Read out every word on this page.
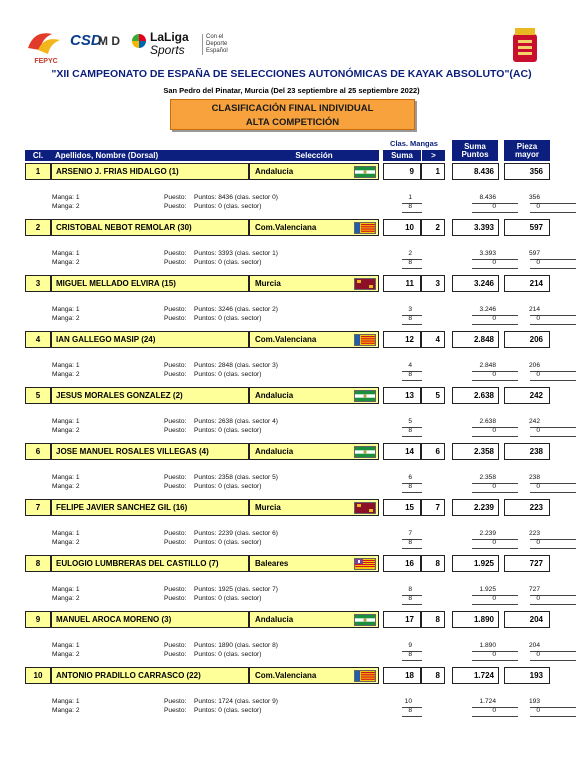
FEPYC
CSD
M D	LaLiga
Sports
Con el
Deporte
Español
"XII CAMPEONATO DE ESPAÑA DE SELECCIONES AUTONÓMICAS DE KAYAK ABSOLUTO"(AC)
San Pedro del Pinatar, Murcia (Del 23 septiembre al 25 septiembre 2022)
CLASIFICACIÓN FINAL INDIVIDUAL
ALTA COMPETICIÓN
Clas. Mangas
Cl.	Apellidos, Nombre (Dorsal)	Selección	Suma	>
Suma Puntos
Pieza mayor
1 ARSENIO J. FRIAS HIDALGO (1)	Andalucia	9	1	8.436	356
Manga: 1	Puesto: Puntos: 8436 (clas. sector 0)	1	8.436	356
Manga: 2	Puesto: Puntos: 0 (clas. sector)	8	0	0
2 CRISTOBAL NEBOT REMOLAR (30)	Com.Valenciana	10	2	3.393	597
Manga: 1	Puesto: Puntos: 3393 (clas. sector 1)	2	3.393	597
Manga: 2	Puesto: Puntos: 0 (clas. sector)	8	0	0
3 MIGUEL MELLADO ELVIRA (15)	Murcia	11	3	3.246	214
Manga: 1	Puesto: Puntos: 3246 (clas. sector 2)	3	3.246	214
Manga: 2	Puesto: Puntos: 0 (clas. sector)	8	0	0
4 IAN GALLEGO MASIP (24)	Com.Valenciana	12	4	2.848	206
Manga: 1	Puesto: Puntos: 2848 (clas. sector 3)	4	2.848	206
Manga: 2	Puesto: Puntos: 0 (clas. sector)	8	0	0
5 JESUS MORALES GONZALEZ (2)	Andalucia	13	5	2.638	242
Manga: 1	Puesto: Puntos: 2638 (clas. sector 4)	5	2.638	242
Manga: 2	Puesto: Puntos: 0 (clas. sector)	8	0	0
6 JOSE MANUEL ROSALES VILLEGAS (4)	Andalucia	14	6	2.358	238
Manga: 1	Puesto: Puntos: 2358 (clas. sector 5)	6	2.358	238
Manga: 2	Puesto: Puntos: 0 (clas. sector)	8	0	0
7 FELIPE JAVIER SANCHEZ GIL (16)	Murcia	15	7	2.239	223
Manga: 1	Puesto: Puntos: 2239 (clas. sector 6)	7	2.239	223
Manga: 2	Puesto: Puntos: 0 (clas. sector)	8	0	0
8 EULOGIO LUMBRERAS DEL CASTILLO (7)	Baleares	16	8	1.925	727
Manga: 1	Puesto: Puntos: 1925 (clas. sector 7)	8	1.925	727
Manga: 2	Puesto: Puntos: 0 (clas. sector)	8	0	0
9 MANUEL AROCA MORENO (3)	Andalucia	17	8	1.890	204
Manga: 1	Puesto: Puntos: 1890 (clas. sector 8)	9	1.890	204
Manga: 2	Puesto: Puntos: 0 (clas. sector)	8	0	0
10 ANTONIO PRADILLO CARRASCO (22)	Com.Valenciana	18	8	1.724	193
Manga: 1	Puesto: Puntos: 1724 (clas. sector 9)	10	1.724	193
Manga: 2	Puesto: Puntos: 0 (clas. sector)	8	0	0
